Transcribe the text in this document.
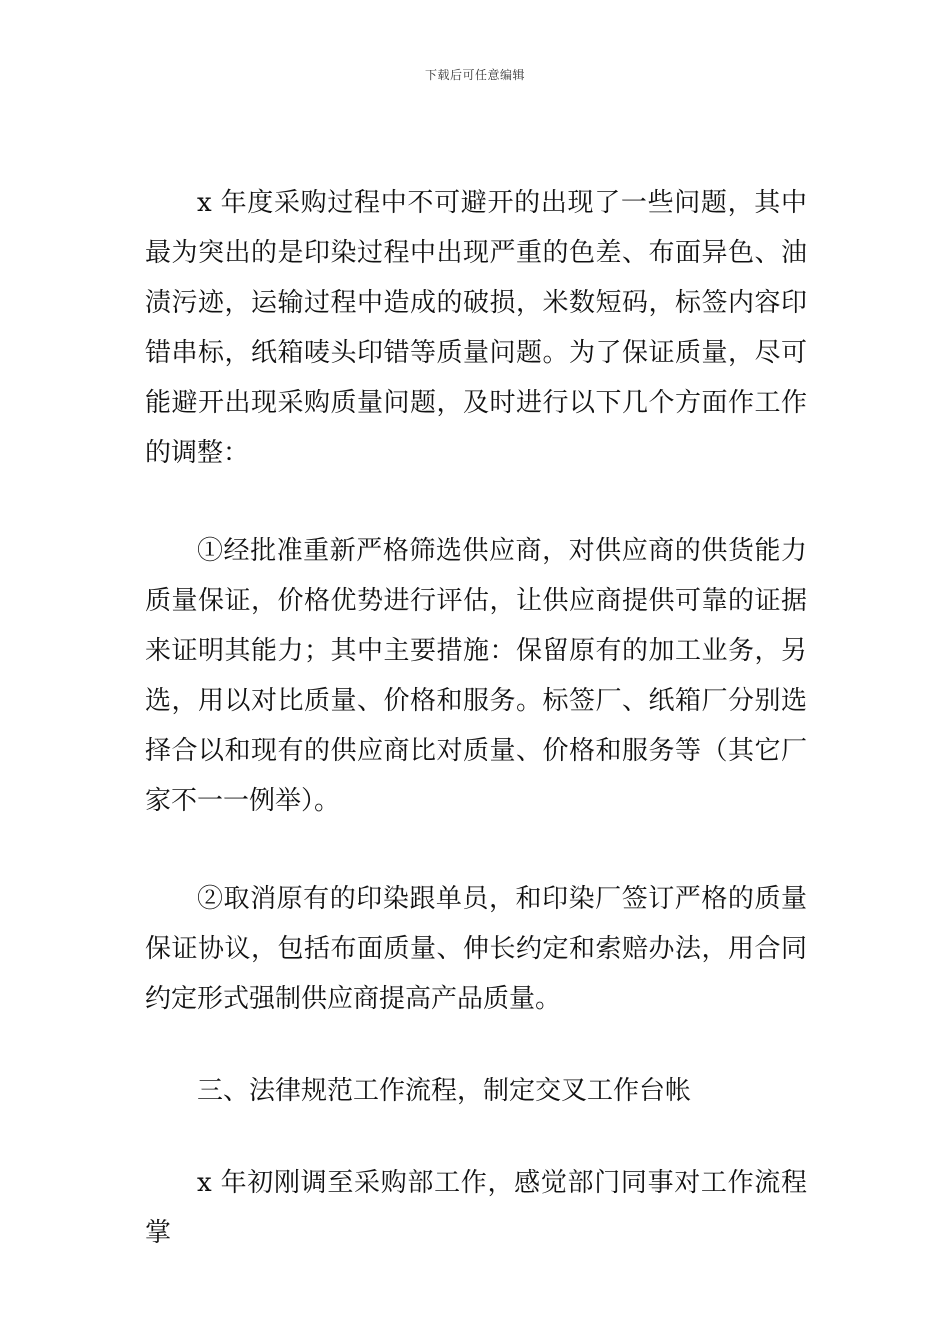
下载后可任意编辑

x 年度采购过程中不可避开的出现了一些问题，其中最为突出的是印染过程中出现严重的色差、布面异色、油渍污迹，运输过程中造成的破损，米数短码，标签内容印错串标，纸箱唛头印错等质量问题。为了保证质量，尽可能避开出现采购质量问题，及时进行以下几个方面作工作的调整：

①经批准重新严格筛选供应商，对供应商的供货能力质量保证，价格优势进行评估，让供应商提供可靠的证据来证明其能力；其中主要措施：保留原有的加工业务，另选，用以对比质量、价格和服务。标签厂、纸箱厂分别选择合以和现有的供应商比对质量、价格和服务等（其它厂家不一一例举）。

②取消原有的印染跟单员，和印染厂签订严格的质量保证协议，包括布面质量、伸长约定和索赔办法，用合同约定形式强制供应商提高产品质量。

三、法律规范工作流程，制定交叉工作台帐

x 年初刚调至采购部工作，感觉部门同事对工作流程掌
